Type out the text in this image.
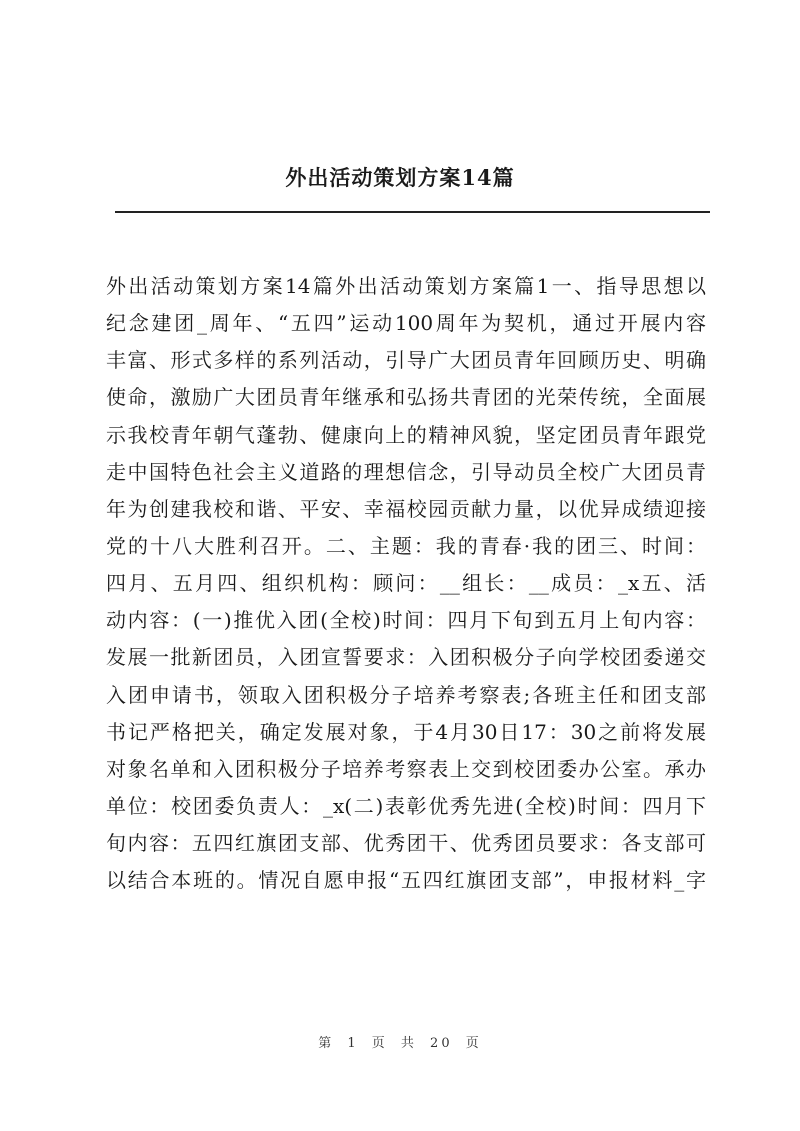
外出活动策划方案14篇
外出活动策划方案14篇外出活动策划方案篇1一、指导思想以
纪念建团_周年、“五四”运动100周年为契机，通过开展内容
丰富、形式多样的系列活动，引导广大团员青年回顾历史、明确
使命，激励广大团员青年继承和弘扬共青团的光荣传统，全面展
示我校青年朝气蓬勃、健康向上的精神风貌，坚定团员青年跟党
走中国特色社会主义道路的理想信念，引导动员全校广大团员青
年为创建我校和谐、平安、幸福校园贡献力量，以优异成绩迎接
党的十八大胜利召开。二、主题：我的青春·我的团三、时间：
四月、五月四、组织机构：顾问：__组长：__成员：_x五、活
动内容：(一)推优入团(全校)时间：四月下旬到五月上旬内容：
发展一批新团员，入团宣誓要求：入团积极分子向学校团委递交
入团申请书，领取入团积极分子培养考察表;各班主任和团支部
书记严格把关，确定发展对象，于4月30日17：30之前将发展
对象名单和入团积极分子培养考察表上交到校团委办公室。承办
单位：校团委负责人：_x(二)表彰优秀先进(全校)时间：四月下
旬内容：五四红旗团支部、优秀团干、优秀团员要求：各支部可
以结合本班的。情况自愿申报“五四红旗团支部”，申报材料_字
第 1 页 共 20 页
